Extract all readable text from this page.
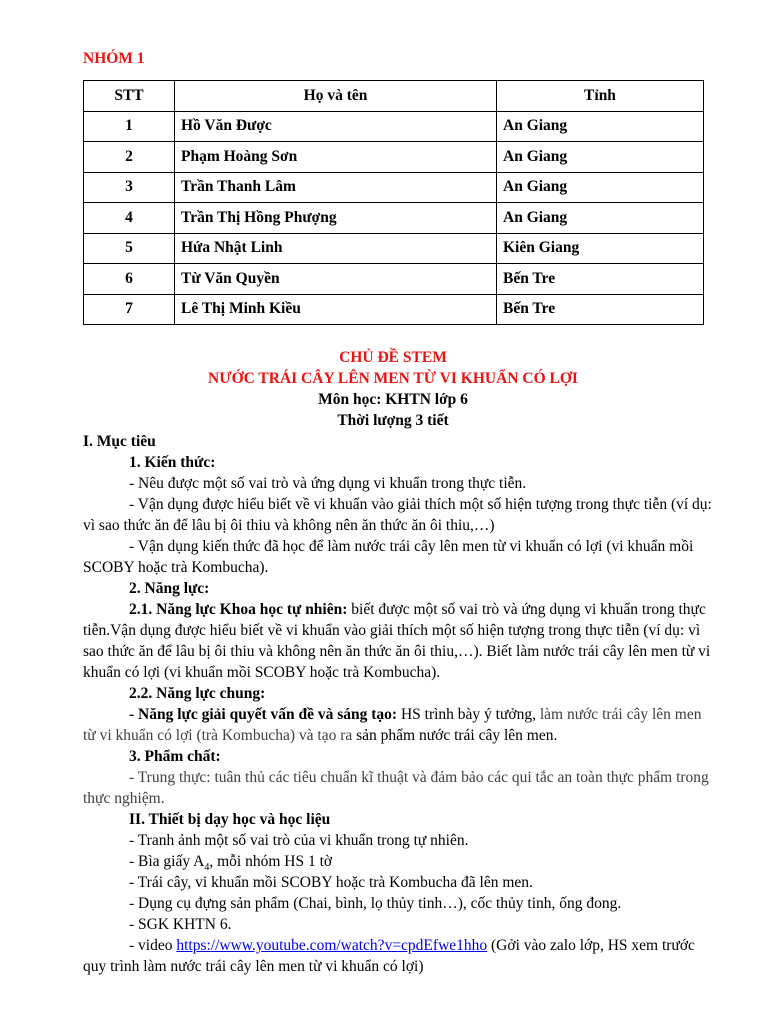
NHÓM 1
STT	Họ và tên	Tỉnh
1	Hồ Văn Được	An Giang
2	Phạm Hoàng Sơn	An Giang
3	Trần Thanh Lâm	An Giang
4	Trần Thị Hồng Phượng	An Giang
5	Hứa Nhật Linh	Kiên Giang
6	Từ Văn Quyền	Bến Tre
7	Lê Thị Minh Kiều	Bến Tre
CHỦ ĐỀ STEM
NƯỚC TRÁI CÂY LÊN MEN TỪ VI KHUẨN CÓ LỢI
Môn học: KHTN lớp 6
Thời lượng 3 tiết

I. Mục tiêu

1. Kiến thức:

- Nêu được một số vai trò và ứng dụng vi khuẩn trong thực tiễn.

- Vận dụng được hiểu biết về vi khuẩn vào giải thích một số hiện tượng trong thực tiễn (ví dụ: vì sao thức ăn để lâu bị ôi thiu và không nên ăn thức ăn ôi thiu,…)

- Vận dụng kiến thức đã học để làm nước trái cây lên men từ vi khuẩn có lợi (vi khuẩn mồi SCOBY hoặc trà Kombucha).

2. Năng lực:

2.1. Năng lực Khoa học tự nhiên: biết được một số vai trò và ứng dụng vi khuẩn trong thực tiễn.Vận dụng được hiểu biết về vi khuẩn vào giải thích một số hiện tượng trong thực tiễn (ví dụ: vì sao thức ăn để lâu bị ôi thiu và không nên ăn thức ăn ôi thiu,…). Biết làm nước trái cây lên men từ vi khuẩn có lợi (vi khuẩn mồi SCOBY hoặc trà Kombucha).

2.2. Năng lực chung:

- Năng lực giải quyết vấn đề và sáng tạo: HS trình bày ý tưởng, làm nước trái cây lên men từ vi khuẩn có lợi (trà Kombucha) và tạo ra sản phẩm nước trái cây lên men.

3. Phẩm chất:

- Trung thực: tuân thủ các tiêu chuẩn kĩ thuật và đảm bảo các qui tắc an toàn thực phẩm trong thực nghiệm.

II. Thiết bị dạy học và học liệu

- Tranh ảnh một số vai trò của vi khuẩn trong tự nhiên.

- Bìa giấy $A_4$, mỗi nhóm HS 1 tờ

- Trái cây, vi khuẩn mồi SCOBY hoặc trà Kombucha đã lên men.

- Dụng cụ đựng sản phẩm (Chai, bình, lọ thủy tinh…), cốc thủy tinh, ống đong.

- SGK KHTN 6.

- video https://www.youtube.com/watch?v=cpdEfwe1hho (Gởi vào zalo lớp, HS xem trước quy trình làm nước trái cây lên men từ vi khuẩn có lợi)
